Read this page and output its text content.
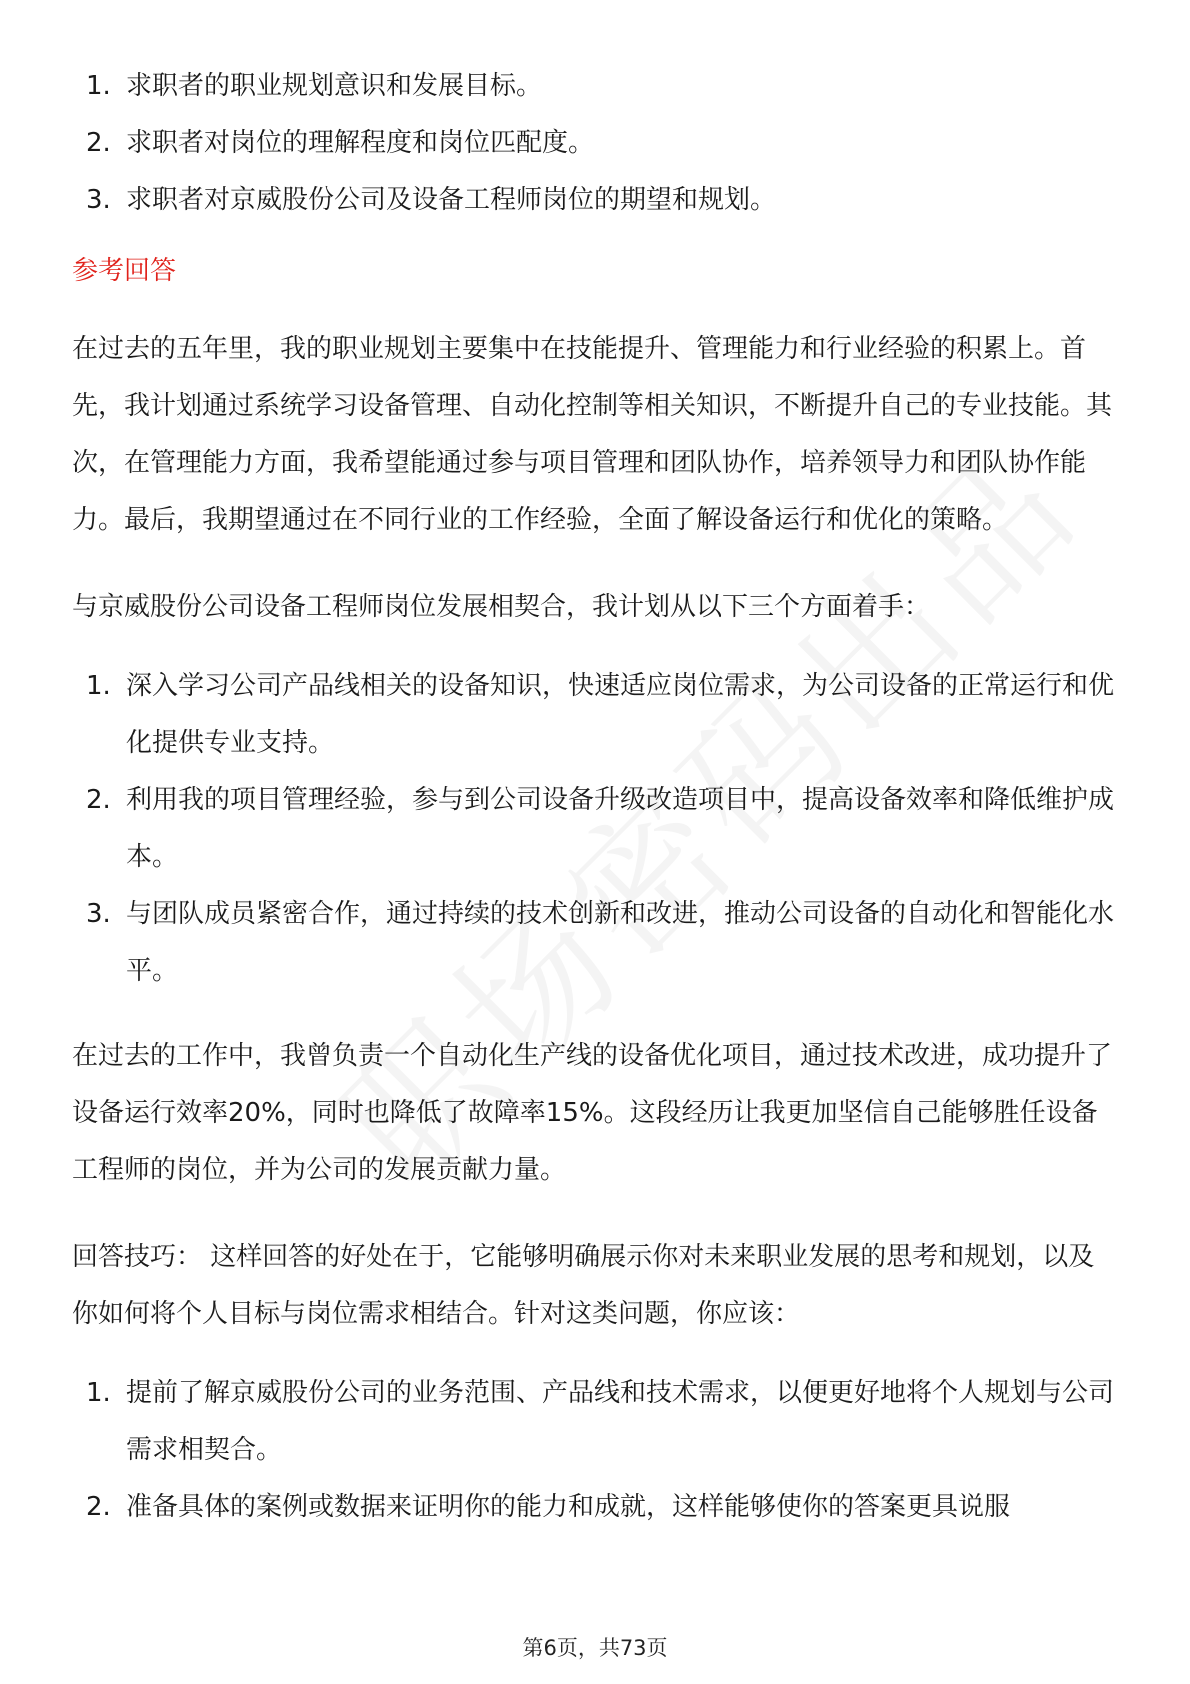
1. 求职者的职业规划意识和发展目标。
2. 求职者对岗位的理解程度和岗位匹配度。
3. 求职者对京威股份公司及设备工程师岗位的期望和规划。
参考回答

在过去的五年里，我的职业规划主要集中在技能提升、管理能力和行业经验的积累上。首先，我计划通过系统学习设备管理、自动化控制等相关知识，不断提升自己的专业技能。其次，在管理能力方面，我希望能通过参与项目管理和团队协作，培养领导力和团队协作能力。最后，我期望通过在不同行业的工作经验，全面了解设备运行和优化的策略。

与京威股份公司设备工程师岗位发展相契合，我计划从以下三个方面着手：

1. 深入学习公司产品线相关的设备知识，快速适应岗位需求，为公司设备的正常运行和优化提供专业支持。
2. 利用我的项目管理经验，参与到公司设备升级改造项目中，提高设备效率和降低维护成本。
3. 与团队成员紧密合作，通过持续的技术创新和改进，推动公司设备的自动化和智能化水平。

在过去的工作中，我曾负责一个自动化生产线的设备优化项目，通过技术改进，成功提升了设备运行效率20%，同时也降低了故障率15%。这段经历让我更加坚信自己能够胜任设备工程师的岗位，并为公司的发展贡献力量。

回答技巧： 这样回答的好处在于，它能够明确展示你对未来职业发展的思考和规划，以及你如何将个人目标与岗位需求相结合。针对这类问题，你应该：

1. 提前了解京威股份公司的业务范围、产品线和技术需求，以便更好地将个人规划与公司需求相契合。
2. 准备具体的案例或数据来证明你的能力和成就，这样能够使你的答案更具说服
第6页，共73页
